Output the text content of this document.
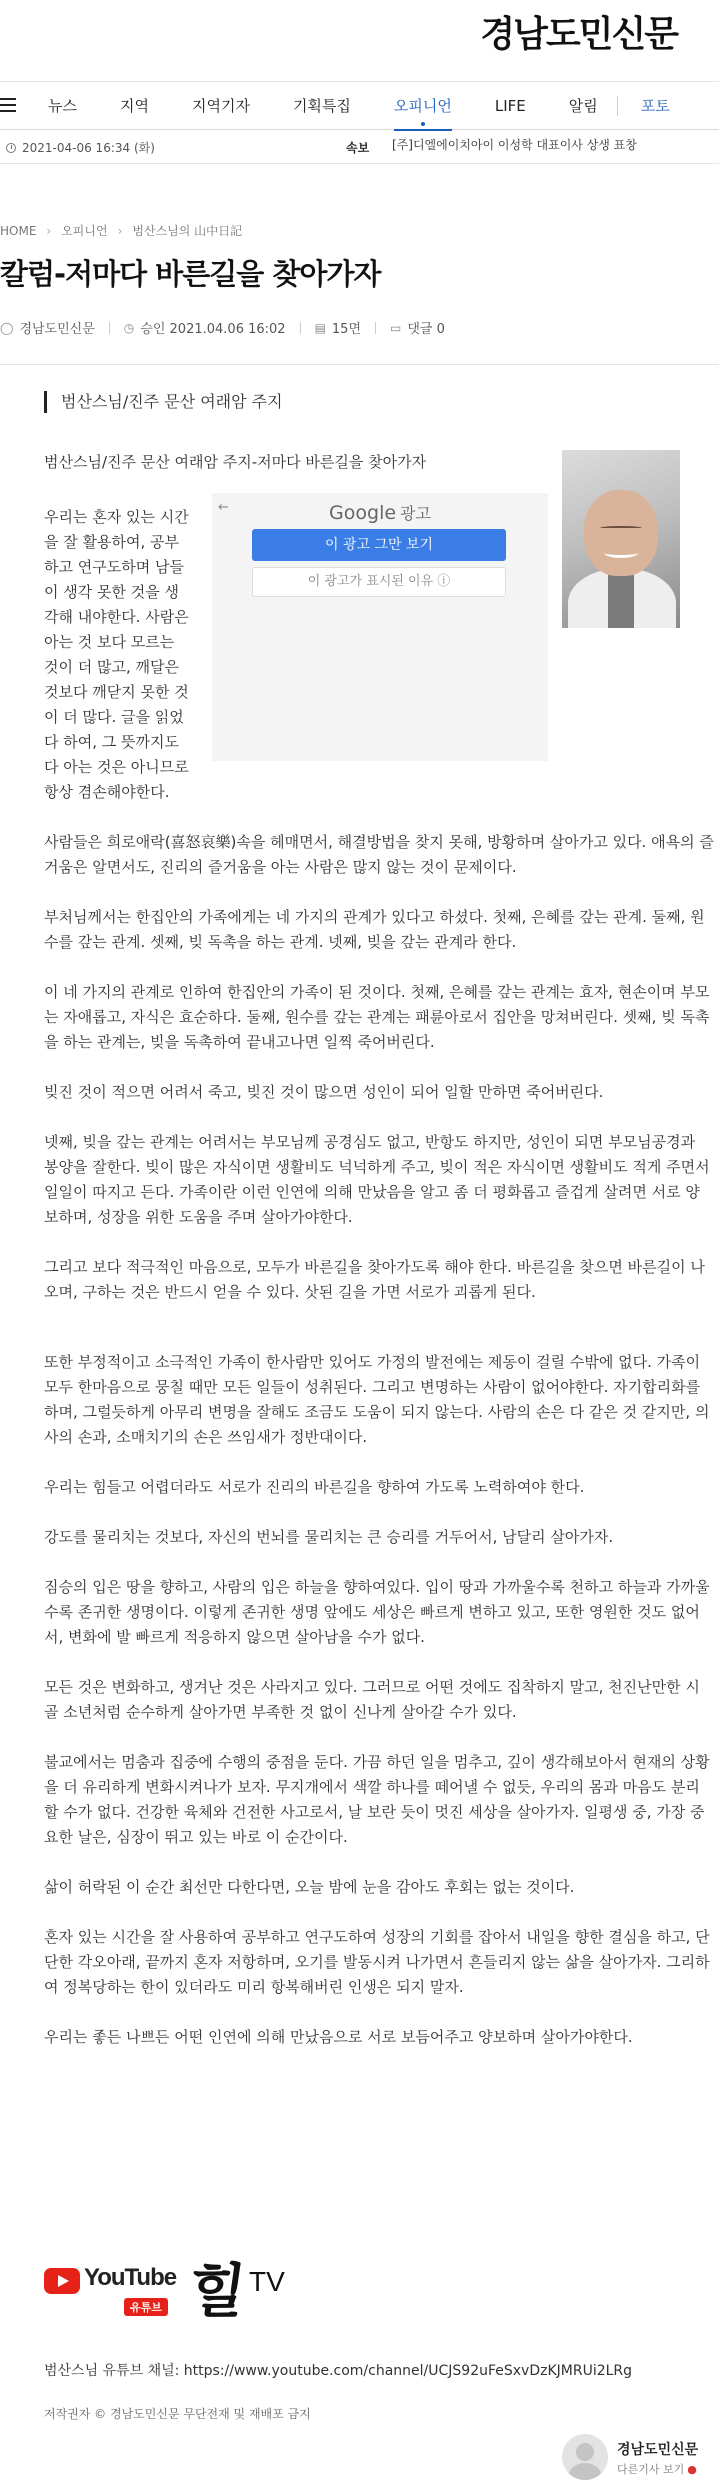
경남도민신문
뉴스	지역	지역기자	기획특집	오피니언	LIFE	알림	포토
2021-04-06 16:34 (화)	속보 [주]디엘에이치아이 이성학 대표이사 상생 표창
HOME › 오피니언 › 범산스님의 山中日記
칼럼-저마다 바른길을 찾아가자
◯ 경남도민신문 ◷ 승인 2021.04.06 16:02 ▤ 15면 ▭ 댓글 0
범산스님/진주 문산 여래암 주지

범산스님/진주 문산 여래암 주지-저마다 바른길을 찾아가자

←	Google 광고
이 광고 그만 보기
이 광고가 표시된 이유 ⓘ

우리는 혼자 있는 시간을 잘 활용하여, 공부하고 연구도하며 남들이 생각 못한 것을 생각해 내야한다. 사람은 아는 것 보다 모르는 것이 더 많고, 깨달은 것보다 깨닫지 못한 것이 더 많다. 글을 읽었다 하여, 그 뜻까지도 다 아는 것은 아니므로 항상 겸손해야한다.

사람들은 희로애락(喜怒哀樂)속을 헤매면서, 해결방법을 찾지 못해, 방황하며 살아가고 있다. 애욕의 즐거움은 알면서도, 진리의 즐거움을 아는 사람은 많지 않는 것이 문제이다.

부처님께서는 한집안의 가족에게는 네 가지의 관계가 있다고 하셨다. 첫째, 은혜를 갚는 관계. 둘째, 원수를 갚는 관계. 셋째, 빚 독촉을 하는 관계. 넷째, 빚을 갚는 관계라 한다.

이 네 가지의 관계로 인하여 한집안의 가족이 된 것이다. 첫째, 은혜를 갚는 관계는 효자, 현손이며 부모는 자애롭고, 자식은 효순하다. 둘째, 원수를 갚는 관계는 패륜아로서 집안을 망쳐버린다. 셋째, 빚 독촉을 하는 관계는, 빚을 독촉하여 끝내고나면 일찍 죽어버린다.

빚진 것이 적으면 어려서 죽고, 빚진 것이 많으면 성인이 되어 일할 만하면 죽어버린다.

넷째, 빚을 갚는 관계는 어려서는 부모님께 공경심도 없고, 반항도 하지만, 성인이 되면 부모님공경과 봉양을 잘한다. 빚이 많은 자식이면 생활비도 넉넉하게 주고, 빚이 적은 자식이면 생활비도 적게 주면서 일일이 따지고 든다. 가족이란 이런 인연에 의해 만났음을 알고 좀 더 평화롭고 즐겁게 살려면 서로 양보하며, 성장을 위한 도움을 주며 살아가야한다.

그리고 보다 적극적인 마음으로, 모두가 바른길을 찾아가도록 해야 한다. 바른길을 찾으면 바른길이 나오며, 구하는 것은 반드시 얻을 수 있다. 삿된 길을 가면 서로가 괴롭게 된다.

또한 부정적이고 소극적인 가족이 한사람만 있어도 가정의 발전에는 제동이 걸릴 수밖에 없다. 가족이 모두 한마음으로 뭉칠 때만 모든 일들이 성취된다. 그리고 변명하는 사람이 없어야한다. 자기합리화를 하며, 그럴듯하게 아무리 변명을 잘해도 조금도 도움이 되지 않는다. 사람의 손은 다 같은 것 같지만, 의사의 손과, 소매치기의 손은 쓰임새가 정반대이다.

우리는 힘들고 어렵더라도 서로가 진리의 바른길을 향하여 가도록 노력하여야 한다.

강도를 물리치는 것보다, 자신의 번뇌를 물리치는 큰 승리를 거두어서, 남달리 살아가자.

짐승의 입은 땅을 향하고, 사람의 입은 하늘을 향하여있다. 입이 땅과 가까울수록 천하고 하늘과 가까울수록 존귀한 생명이다. 이렇게 존귀한 생명 앞에도 세상은 빠르게 변하고 있고, 또한 영원한 것도 없어서, 변화에 발 빠르게 적응하지 않으면 살아남을 수가 없다.

모든 것은 변화하고, 생겨난 것은 사라지고 있다. 그러므로 어떤 것에도 집착하지 말고, 천진난만한 시골 소년처럼 순수하게 살아가면 부족한 것 없이 신나게 살아갈 수가 있다.

불교에서는 멈춤과 집중에 수행의 중점을 둔다. 가끔 하던 일을 멈추고, 깊이 생각해보아서 현재의 상황을 더 유리하게 변화시켜나가 보자. 무지개에서 색깔 하나를 떼어낼 수 없듯, 우리의 몸과 마음도 분리할 수가 없다. 건강한 육체와 건전한 사고로서, 날 보란 듯이 멋진 세상을 살아가자. 일평생 중, 가장 중요한 날은, 심장이 뛰고 있는 바로 이 순간이다.

삶이 허락된 이 순간 최선만 다한다면, 오늘 밤에 눈을 감아도 후회는 없는 것이다.

혼자 있는 시간을 잘 사용하여 공부하고 연구도하여 성장의 기회를 잡아서 내일을 향한 결심을 하고, 단단한 각오아래, 끝까지 혼자 저항하며, 오기를 발동시켜 나가면서 흔들리지 않는 삶을 살아가자. 그리하여 정복당하는 한이 있더라도 미리 항복해버린 인생은 되지 말자.

우리는 좋든 나쁘든 어떤 인연에 의해 만났음으로 서로 보듬어주고 양보하며 살아가야한다.

YouTube
유튜브 힐 TV
범산스님 유튜브 채널: https://www.youtube.com/channel/UCJS92uFeSxvDzKJMRUi2LRg
저작권자 © 경남도민신문 무단전재 및 재배포 금지
경남도민신문
다른기사 보기 ●
